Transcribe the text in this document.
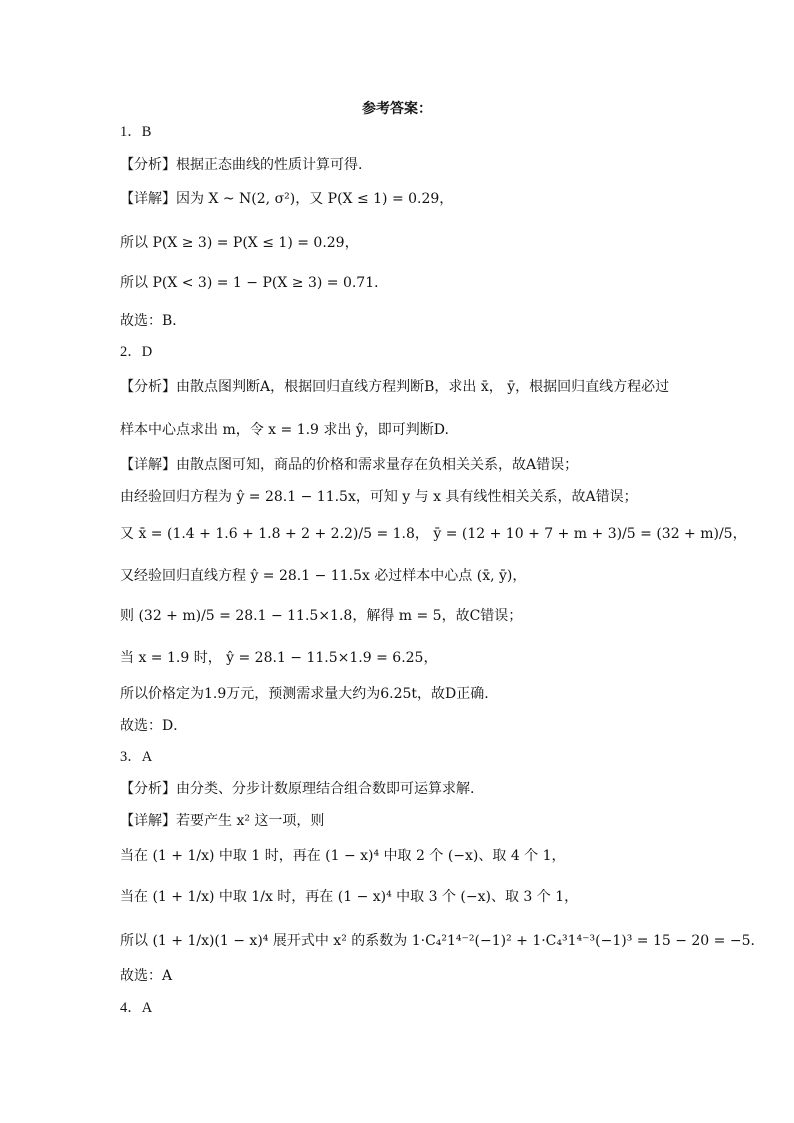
参考答案：
1．B
【分析】根据正态曲线的性质计算可得.
【详解】因为 X ~ N(2, σ²)，又 P(X ≤ 1) = 0.29，
所以 P(X ≥ 3) = P(X ≤ 1) = 0.29，
所以 P(X < 3) = 1 − P(X ≥ 3) = 0.71．
故选：B．
2．D
【分析】由散点图判断A，根据回归直线方程判断B，求出 x̄， ȳ，根据回归直线方程必过
样本中心点求出 m，令 x = 1.9 求出 ŷ，即可判断D.
【详解】由散点图可知，商品的价格和需求量存在负相关关系，故A错误；
由经验回归方程为 ŷ = 28.1 − 11.5x，可知 y 与 x 具有线性相关关系，故A错误；
又 x̄ = (1.4 + 1.6 + 1.8 + 2 + 2.2)/5 = 1.8， ȳ = (12 + 10 + 7 + m + 3)/5 = (32 + m)/5，
又经验回归直线方程 ŷ = 28.1 − 11.5x 必过样本中心点 (x̄, ȳ)，
则 (32 + m)/5 = 28.1 − 11.5×1.8，解得 m = 5，故C错误；
当 x = 1.9 时， ŷ = 28.1 − 11.5×1.9 = 6.25，
所以价格定为1.9万元，预测需求量大约为6.25t，故D正确.
故选：D．
3．A
【分析】由分类、分步计数原理结合组合数即可运算求解.
【详解】若要产生 x² 这一项，则
当在 (1 + 1/x) 中取 1 时，再在 (1 − x)⁴ 中取 2 个 (−x)、取 4 个 1，
当在 (1 + 1/x) 中取 1/x 时，再在 (1 − x)⁴ 中取 3 个 (−x)、取 3 个 1，
所以 (1 + 1/x)(1 − x)⁴ 展开式中 x² 的系数为 1·C₄²1⁴⁻²(−1)² + 1·C₄³1⁴⁻³(−1)³ = 15 − 20 = −5．
故选：A
4．A
